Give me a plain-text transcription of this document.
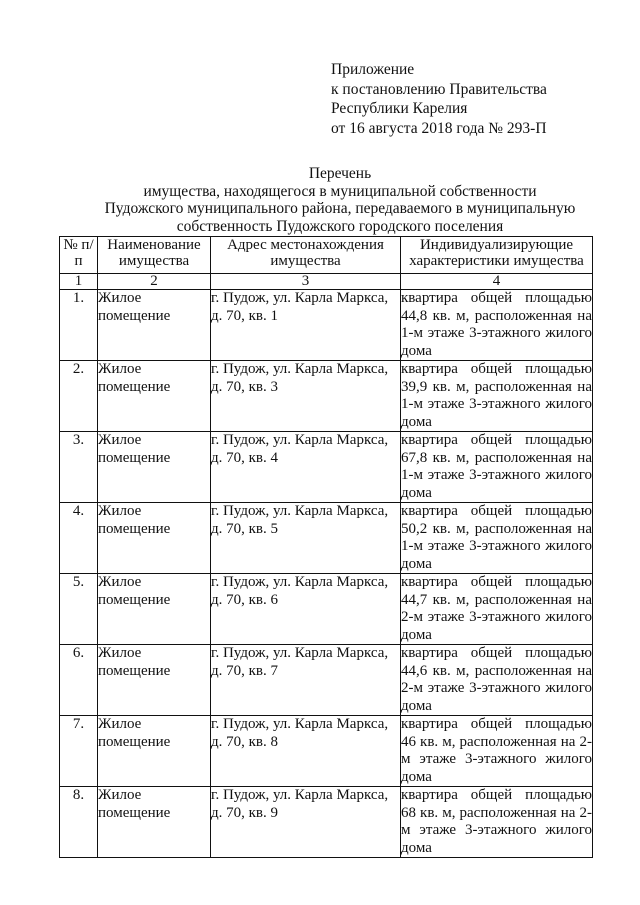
Приложение
к постановлению Правительства
Республики Карелия
от 16 августа 2018 года № 293-П
Перечень
имущества, находящегося в муниципальной собственности
Пудожского муниципального района, передаваемого в муниципальную
собственность Пудожского городского поселения
№ п/п	Наименование имущества	Адрес местонахождения имущества	Индивидуализирующие характеристики имущества
1	2	3	4
1.	Жилое помещение	г. Пудож, ул. Карла Маркса, д. 70, кв. 1	квартира общей площадью 44,8 кв. м, расположенная на 1-м этаже 3-этажного жилого дома
2.	Жилое помещение	г. Пудож, ул. Карла Маркса, д. 70, кв. 3	квартира общей площадью 39,9 кв. м, расположенная на 1-м этаже 3-этажного жилого дома
3.	Жилое помещение	г. Пудож, ул. Карла Маркса, д. 70, кв. 4	квартира общей площадью 67,8 кв. м, расположенная на 1-м этаже 3-этажного жилого дома
4.	Жилое помещение	г. Пудож, ул. Карла Маркса, д. 70, кв. 5	квартира общей площадью 50,2 кв. м, расположенная на 1-м этаже 3-этажного жилого дома
5.	Жилое помещение	г. Пудож, ул. Карла Маркса, д. 70, кв. 6	квартира общей площадью 44,7 кв. м, расположенная на 2-м этаже 3-этажного жилого дома
6.	Жилое помещение	г. Пудож, ул. Карла Маркса, д. 70, кв. 7	квартира общей площадью 44,6 кв. м, расположенная на 2-м этаже 3-этажного жилого дома
7.	Жилое помещение	г. Пудож, ул. Карла Маркса, д. 70, кв. 8	квартира общей площадью 46 кв. м, расположенная на 2-м этаже 3-этажного жилого дома
8.	Жилое помещение	г. Пудож, ул. Карла Маркса, д. 70, кв. 9	квартира общей площадью 68 кв. м, расположенная на 2-м этаже 3-этажного жилого дома
